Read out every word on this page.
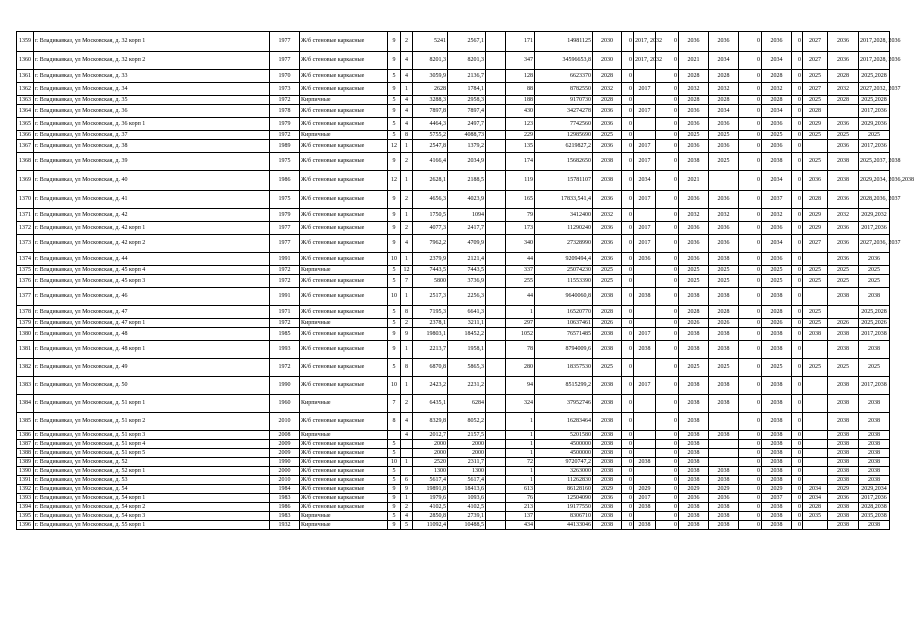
1359	г. Владикавказ, ул Московская, д. 32 корп 1	1977	Ж/б стеновые каркасные	9	2	5241	2567,1		171	14981125	2030	0	2017, 2032	0	2036	2036	0	2036	0	2027	2036	2017,2028, 2036
1360	г. Владикавказ, ул Московская, д. 32 корп 2	1977	Ж/б стеновые каркасные	9	4	8201,3	8201,3		347	34596653,8	2030	0	2017, 2032	0	2021	2034	0	2034	0	2027	2036	2017,2028, 2036
1361	г. Владикавказ, ул Московская, д. 33	1970	Ж/б стеновые каркасные	5	4	3059,9	2136,7		128	6623370	2028	0		0	2028	2028	0	2028	0	2025	2028	2025,2028
1362	г. Владикавказ, ул Московская, д. 34	1973	Ж/б стеновые каркасные	9	1	2628	1784,1		88	8782550	2032	0	2017	0	2032	2032	0	2032	0	2027	2032	2027,2032, 2037
1363	г. Владикавказ, ул Московская, д. 35	1972	Кирпичные	5	4	3288,3	2958,3		188	9170730	2028	0		0	2028	2028	0	2028	0	2025	2028	2025,2028
1364	г. Владикавказ, ул Московская, д. 36	1978	Ж/б стеновые каркасные	9	4	7897,8	7897,4		430	34274278	2036	0	2017	0	2036	2034	0	2034	0	2028		2017,2036
1365	г. Владикавказ, ул Московская, д. 36 корп 1	1979	Ж/б стеновые каркасные	5	4	4464,3	2497,7		123	7742560	2036	0		0	2036	2036	0	2036	0	2029	2036	2029,2036
1366	г. Владикавказ, ул Московская, д. 37	1972	Кирпичные	5	8	5755,2	4088,73		229	12985690	2025	0		0	2025	2025	0	2025	0	2025	2025	2025
1367	г. Владикавказ, ул Московская, д. 38	1989	Ж/б стеновые каркасные	12	1	2547,8	1379,2		135	6219827,2	2036	0	2017	0	2036	2036	0	2036	0		2036	2017,2036
1368	г. Владикавказ, ул Московская, д. 39	1975	Ж/б стеновые каркасные	9	2	4166,4	2034,9		174	15682650	2038	0	2017	0	2038	2025	0	2038	0	2025	2038	2025,2037, 2038
1369	г. Владикавказ, ул Московская, д. 40	1986	Ж/б стеновые каркасные	12	1	2628,1	2188,5		119	15781107	2038	0	2034	0	2021		0	2034	0	2036	2038	2029,2034, 2036,2038
1370	г. Владикавказ, ул Московская, д. 41	1975	Ж/б стеновые каркасные	9	2	4656,3	4023,9		165	17833,541,4	2036	0	2017	0	2036	2036	0	2037	0	2028	2036	2028,2036, 2037
1371	г. Владикавказ, ул Московская, д. 42	1979	Ж/б стеновые каркасные	9	1	1750,5	1094		79	3412400	2032	0		0	2032	2032	0	2032	0	2029	2032	2029,2032
1372	г. Владикавказ, ул Московская, д. 42 корп 1	1977	Ж/б стеновые каркасные	9	2	4077,3	2417,7		173	11290240	2036	0	2017	0	2036	2036	0	2036	0	2029	2036	2017,2036
1373	г. Владикавказ, ул Московская, д. 42 корп 2	1977	Ж/б стеновые каркасные	9	4	7962,2	4709,9		340	27328990	2036	0	2017	0	2036	2036	0	2034	0	2027	2036	2027,2036, 2037
1374	г. Владикавказ, ул Московская, д. 44	1991	Ж/б стеновые каркасные	10	1	2379,9	2121,4		44	9209494,4	2036	0	2036	0	2036	2038	0	2036	0		2036	2036
1375	г. Владикавказ, ул Московская, д. 45 корп 4	1972	Кирпичные	5	12	7443,5	7443,5		337	25074230	2025	0		0	2025	2025	0	2025	0	2025	2025	2025
1376	г. Владикавказ, ул Московская, д. 45 корп 3	1972	Ж/б стеновые каркасные	5	7	5800	3736,9		255	11553390	2025	0		0	2025	2025	0	2025	0	2025	2025	2025
1377	г. Владикавказ, ул Московская, д. 46	1991	Ж/б стеновые каркасные	10	1	2517,3	2256,3		44	9640060,8	2038	0	2038	0	2038	2038	0	2038	0		2038	2038
1378	г. Владикавказ, ул Московская, д. 47	1971	Ж/б стеновые каркасные	5	8	7195,3	6641,3		1	16520770	2028	0		0	2028	2028	0	2028	0	2025		2025,2028
1379	г. Владикавказ, ул Московская, д. 47 корп 1	1972	Кирпичные	5	2	2378,1	3211,1		297	10637461	2026	0		0	2026	2026	0	2026	0	2025	2026	2025,2026
1380	г. Владикавказ, ул Московская, д. 48	1985	Ж/б стеновые каркасные	9	9	19803,1	18452,2		1052	76571485	2038	0	2017	0	2038	2038	0	2038	0	2038	2038	2017,2038
1381	г. Владикавказ, ул Московская, д. 48 корп 1	1993	Ж/б стеновые каркасные	9	1	2213,7	1958,1		78	8794009,6	2038	0	2038	0	2038	2038	0	2038	0		2038	2038
1382	г. Владикавказ, ул Московская, д. 49	1972	Ж/б стеновые каркасные	5	8	6870,8	5865,3		280	18357530	2025	0		0	2025	2025	0	2025	0	2025	2025	2025
1383	г. Владикавказ, ул Московская, д. 50	1990	Ж/б стеновые каркасные	10	1	2423,2	2231,2		94	8515299,2	2038	0	2017	0	2038	2038	0	2038	0		2038	2017,2038
1384	г. Владикавказ, ул Московская, д. 51 корп 1	1960	Кирпичные	7	2	6435,1	6284		324	37952746	2038	0		0	2038	2038	0	2038	0		2038	2038
1385	г. Владикавказ, ул Московская, д. 51 корп 2	2010	Ж/б стеновые каркасные	8	4	8329,8	8052,2		1	16283464	2038	0		0	2038		0	2038	0		2038	2038
1386	г. Владикавказ, ул Московская, д. 51 корп 3	2008	Кирпичные		4	2012,7	2157,5		1	5201580	2038	0		0	2038	2038	0	2038	0		2038	2038
1387	г. Владикавказ, ул Московская, д. 51 корп 4	2009	Ж/б стеновые каркасные	5		2000	2000		1	4500000	2038	0		0	2038		0	2038	0		2038	2038
1388	г. Владикавказ, ул Московская, д. 51 корп 5	2009	Ж/б стеновые каркасные	5		2000	2000		1	4500000	2038	0		0	2038		0	2038	0		2038	2038
1389	г. Владикавказ, ул Московская, д. 52	1990	Ж/б стеновые каркасные	10	1	2520	2311,7		72	9720747,2	2038	0	2038	0	2038		0	2038	0		2038	2038
1390	г. Владикавказ, ул Московская, д. 52 корп 1	2000	Ж/б стеновые каркасные	5		1300	1300		1	3263000	2038	0		0	2038	2038	0	2038	0		2038	2038
1391	г. Владикавказ, ул Московская, д. 53	2010	Ж/б стеновые каркасные	5	6	5617,4	5617,4		1	11262830	2038	0		0	2038	2038	0	2038	0		2038	2038
1392	г. Владикавказ, ул Московская, д. 54	1984	Ж/б стеновые каркасные	9	9	19891,8	18413,6		613	86128160	2029	0	2029	0	2029	2029	0	2029	0	2034	2029	2029,2034
1393	г. Владикавказ, ул Московская, д. 54 корп 1	1983	Ж/б стеновые каркасные	9	1	1979,6	1093,6		76	12504090	2036	0	2017	0	2036	2036	0	2037	0	2034	2036	2017,2036
1394	г. Владикавказ, ул Московская, д. 54 корп 2	1986	Ж/б стеновые каркасные	9	2	4102,5	4102,5		213	19177550	2038	0	2038	0	2038	2038	0	2038	0	2028	2038	2028,2038
1395	г. Владикавказ, ул Московская, д. 54 корп 3	1983	Кирпичные	5	4	2850,8	2739,1		137	8306710	2038	0		0	2038	2038	0	2038	0	2035	2038	2035,2038
1396	г. Владикавказ, ул Московская, д. 55 корп 1	1932	Кирпичные	9	5	11092,4	10488,5		434	44133046	2038	0	2038	0	2038	2038	0	2038	0		2038	2038
